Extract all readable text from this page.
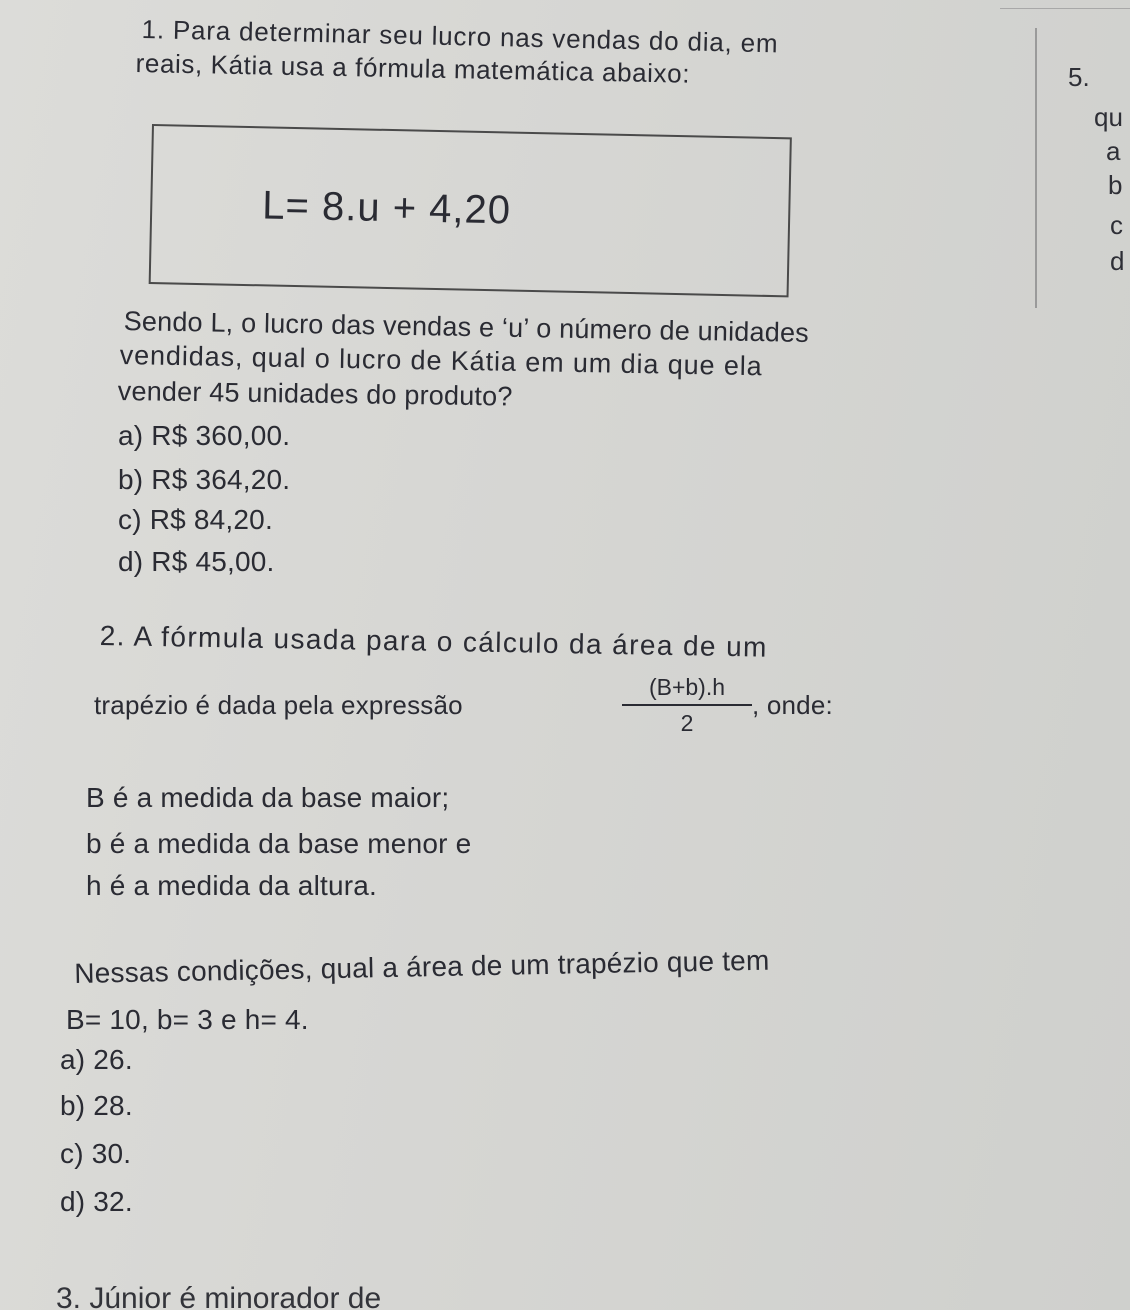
1. Para determinar seu lucro nas vendas do dia, em
reais, Kátia usa a fórmula matemática abaixo:
L= 8.u + 4,20
5.
qu
a
b
c
d
Sendo L, o lucro das vendas e ‘u’ o número de unidades
vendidas, qual o lucro de Kátia em um dia que ela
vender 45 unidades do produto?
a) R$ 360,00.
b) R$ 364,20.
c) R$ 84,20.
d) R$ 45,00.
2. A fórmula usada para o cálculo da área de um
trapézio é dada pela expressão	$\frac{(B+b).h}{2}$ , onde:
B é a medida da base maior;
b é a medida da base menor e
h é a medida da altura.
Nessas condições, qual a área de um trapézio que tem
B= 10, b= 3 e h= 4.
a) 26.
b) 28.
c) 30.
d) 32.
3. Júnior é minorador de
